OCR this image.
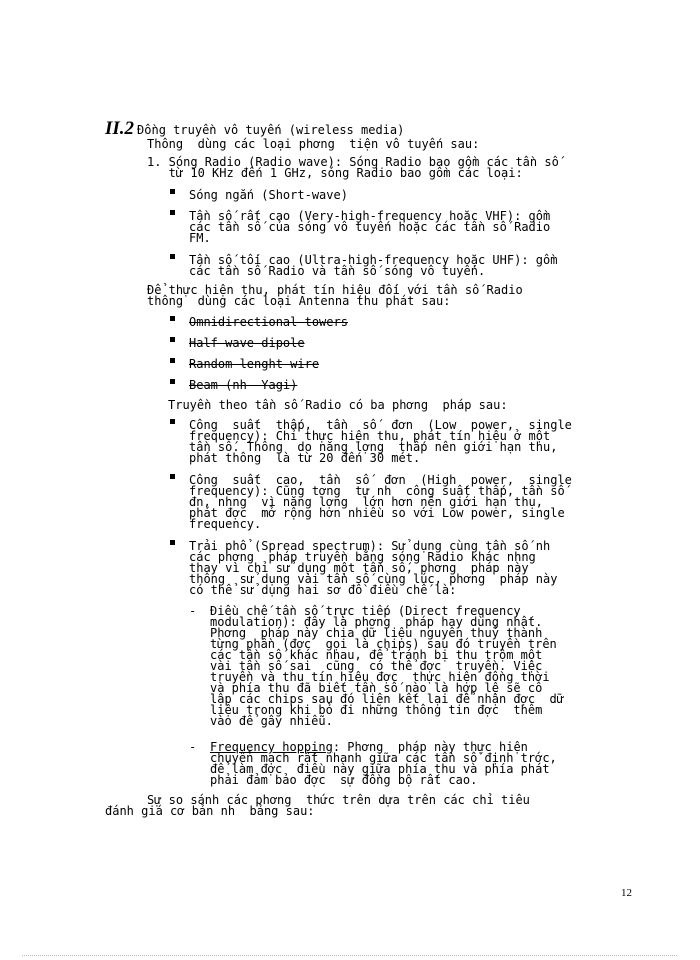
II.2 Đồng truyền vô tuyến (wireless media)
Thông  dùng các loại phơng  tiện vô tuyến sau:
1. Sóng Radio (Radio wave): Sóng Radio bao gồm các tần số
từ 10 KHz đến 1 GHz, sóng Radio bao gồm các loại:
Sóng ngắn (Short-wave)
Tần số rất cao (Very-high-frequency hoặc VHF): gồm
các tần số của sóng vô tuyến hoặc các tần số Radio
FM.
Tần số tối cao (Ultra-high-frequency hoặc UHF): gồm
các tần số Radio và tần số sóng vô tuyến.
Để thực hiện thu, phát tín hiệu đối với tần số Radio
thông  dùng các loại Antenna thu phát sau:
Omnidirectional towers
Half-wave dipole
Random-lenght wire
Beam (nh  Yagi)
Truyền theo tần số Radio có ba phơng  pháp sau:
Công  suất  thấp,  tần  số  đơn  (Low  power,  single
frequency): Chỉ thực hiện thu, phát tín hiệu ở một
tần số. Thông  do năng lợng  thấp nên giới hạn thu,
phát thông  là từ 20 đến 30 mét.
Công  suất  cao,  tần  số  đơn  (High  power,  single
frequency): Cũng tơng  tự nh  công suất thấp, tần số
đn, nhng  vì năng lợng  lớn hơn nên giới hạn thu,
phát đợc  mở rộng hơn nhiều so với Low power, single
frequency.
Trải phổ (Spread spectrum): Sử dụng cùng tần số nh
các phơng  pháp truyền bằng sóng Radio khác nhng
thay vì chỉ sử dụng một tần số, phơng  pháp này
thông  sử dụng vài tần số cùng lúc, phơng  pháp này
có thể sử dụng hai sơ đồ điều chế là:
- Điều chế tần số trực tiếp (Direct frequency
modulation): đây là phơng  pháp hay dùng nhất.
Phơng  pháp này chia dữ liệu nguyên thuỷ thành
từng phần (đợc  gọi là chips) sau đó truyền trên
các tần số khác nhau, để tránh bị thu trộm một
vài tần số sai  cũng  có thể đợc  truyền. Việc
truyền và thu tín hiệu đợc  thực hiện đồng thời
và phía thu đã biết tần số nào là hợp lệ sẽ cô
lập các chips sau đó liên kết lại để nhận đợc  dữ
liệu trong khi bỏ đi những thông tin đợc  thêm
vào để gây nhiễu.
- Frequency hopping: Phơng  pháp này thực hiện
chuyển mạch rất nhanh giữa các tần số định trớc,
để làm đợc  điều này giữa phía thu và phía phát
phải đảm bảo đợc  sự đồng bộ rất cao.
Sự so sánh các phơng  thức trên dựa trên các chỉ tiêu
đánh giá cơ bản nh  bảng sau:
12
